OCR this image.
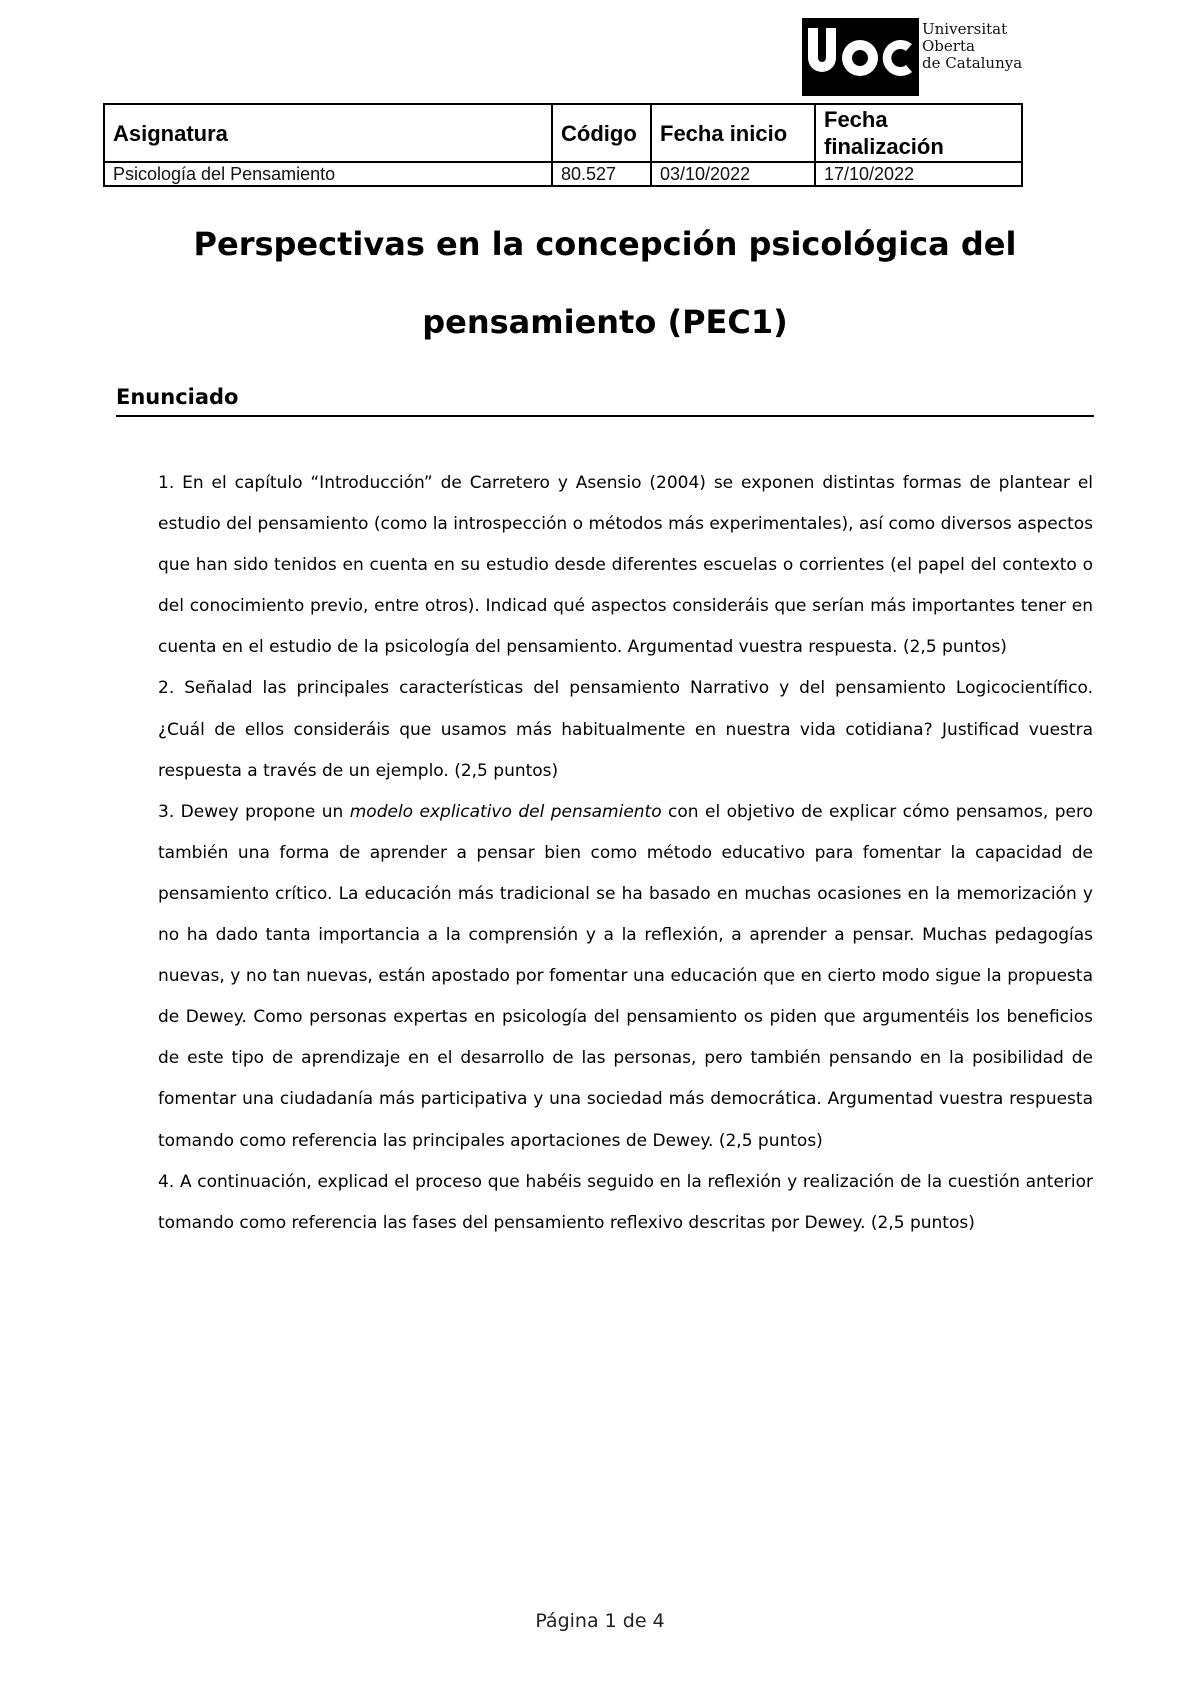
Universitat
Oberta
de Catalunya
Asignatura	Código	Fecha inicio	Fecha finalización
Psicología del Pensamiento	80.527	03/10/2022	17/10/2022
Perspectivas en la concepción psicológica del pensamiento (PEC1)
Enunciado

1. En el capítulo “Introducción” de Carretero y Asensio (2004) se exponen distintas formas de plantear el estudio del pensamiento (como la introspección o métodos más experimentales), así como diversos aspectos que han sido tenidos en cuenta en su estudio desde diferentes escuelas o corrientes (el papel del contexto o del conocimiento previo, entre otros). Indicad qué aspectos consideráis que serían más importantes tener en cuenta en el estudio de la psicología del pensamiento. Argumentad vuestra respuesta. (2,5 puntos)

2. Señalad las principales características del pensamiento Narrativo y del pensamiento Logicocientífico. ¿Cuál de ellos consideráis que usamos más habitualmente en nuestra vida cotidiana? Justificad vuestra respuesta a través de un ejemplo. (2,5 puntos)

3. Dewey propone un modelo explicativo del pensamiento con el objetivo de explicar cómo pensamos, pero también una forma de aprender a pensar bien como método educativo para fomentar la capacidad de pensamiento crítico. La educación más tradicional se ha basado en muchas ocasiones en la memorización y no ha dado tanta importancia a la comprensión y a la reflexión, a aprender a pensar. Muchas pedagogías nuevas, y no tan nuevas, están apostado por fomentar una educación que en cierto modo sigue la propuesta de Dewey. Como personas expertas en psicología del pensamiento os piden que argumentéis los beneficios de este tipo de aprendizaje en el desarrollo de las personas, pero también pensando en la posibilidad de fomentar una ciudadanía más participativa y una sociedad más democrática. Argumentad vuestra respuesta tomando como referencia las principales aportaciones de Dewey. (2,5 puntos)

4. A continuación, explicad el proceso que habéis seguido en la reflexión y realización de la cuestión anterior tomando como referencia las fases del pensamiento reflexivo descritas por Dewey. (2,5 puntos)

Página 1 de 4
